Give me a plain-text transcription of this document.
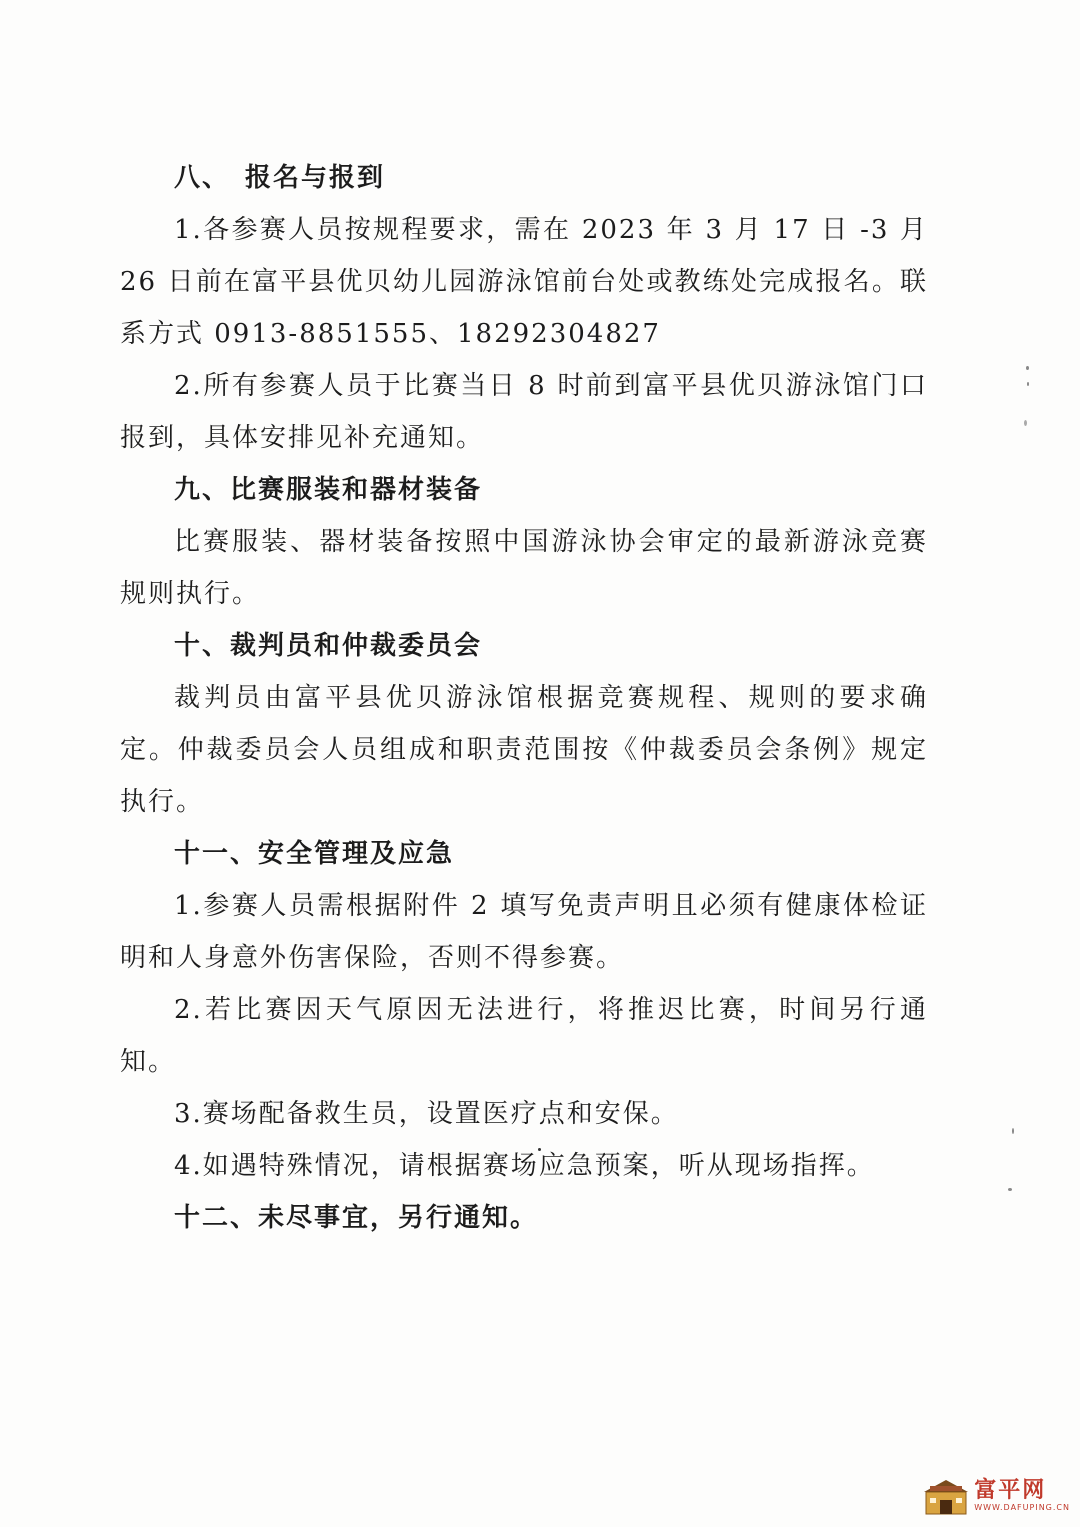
八、　报名与报到

1.各参赛人员按规程要求，需在 2023 年 3 月 17 日 -3 月 26 日前在富平县优贝幼儿园游泳馆前台处或教练处完成报名。联系方式 0913-8851555、18292304827

2.所有参赛人员于比赛当日 8 时前到富平县优贝游泳馆门口报到，具体安排见补充通知。

九、比赛服装和器材装备

比赛服装、器材装备按照中国游泳协会审定的最新游泳竞赛规则执行。

十、裁判员和仲裁委员会

裁判员由富平县优贝游泳馆根据竞赛规程、规则的要求确定。仲裁委员会人员组成和职责范围按《仲裁委员会条例》规定执行。

十一、安全管理及应急

1.参赛人员需根据附件 2 填写免责声明且必须有健康体检证明和人身意外伤害保险，否则不得参赛。

2.若比赛因天气原因无法进行，将推迟比赛，时间另行通知。

3.赛场配备救生员，设置医疗点和安保。

4.如遇特殊情况，请根据赛场应急预案，听从现场指挥。

十二、未尽事宜，另行通知。

富平网
WWW.DAFUPING.CN
